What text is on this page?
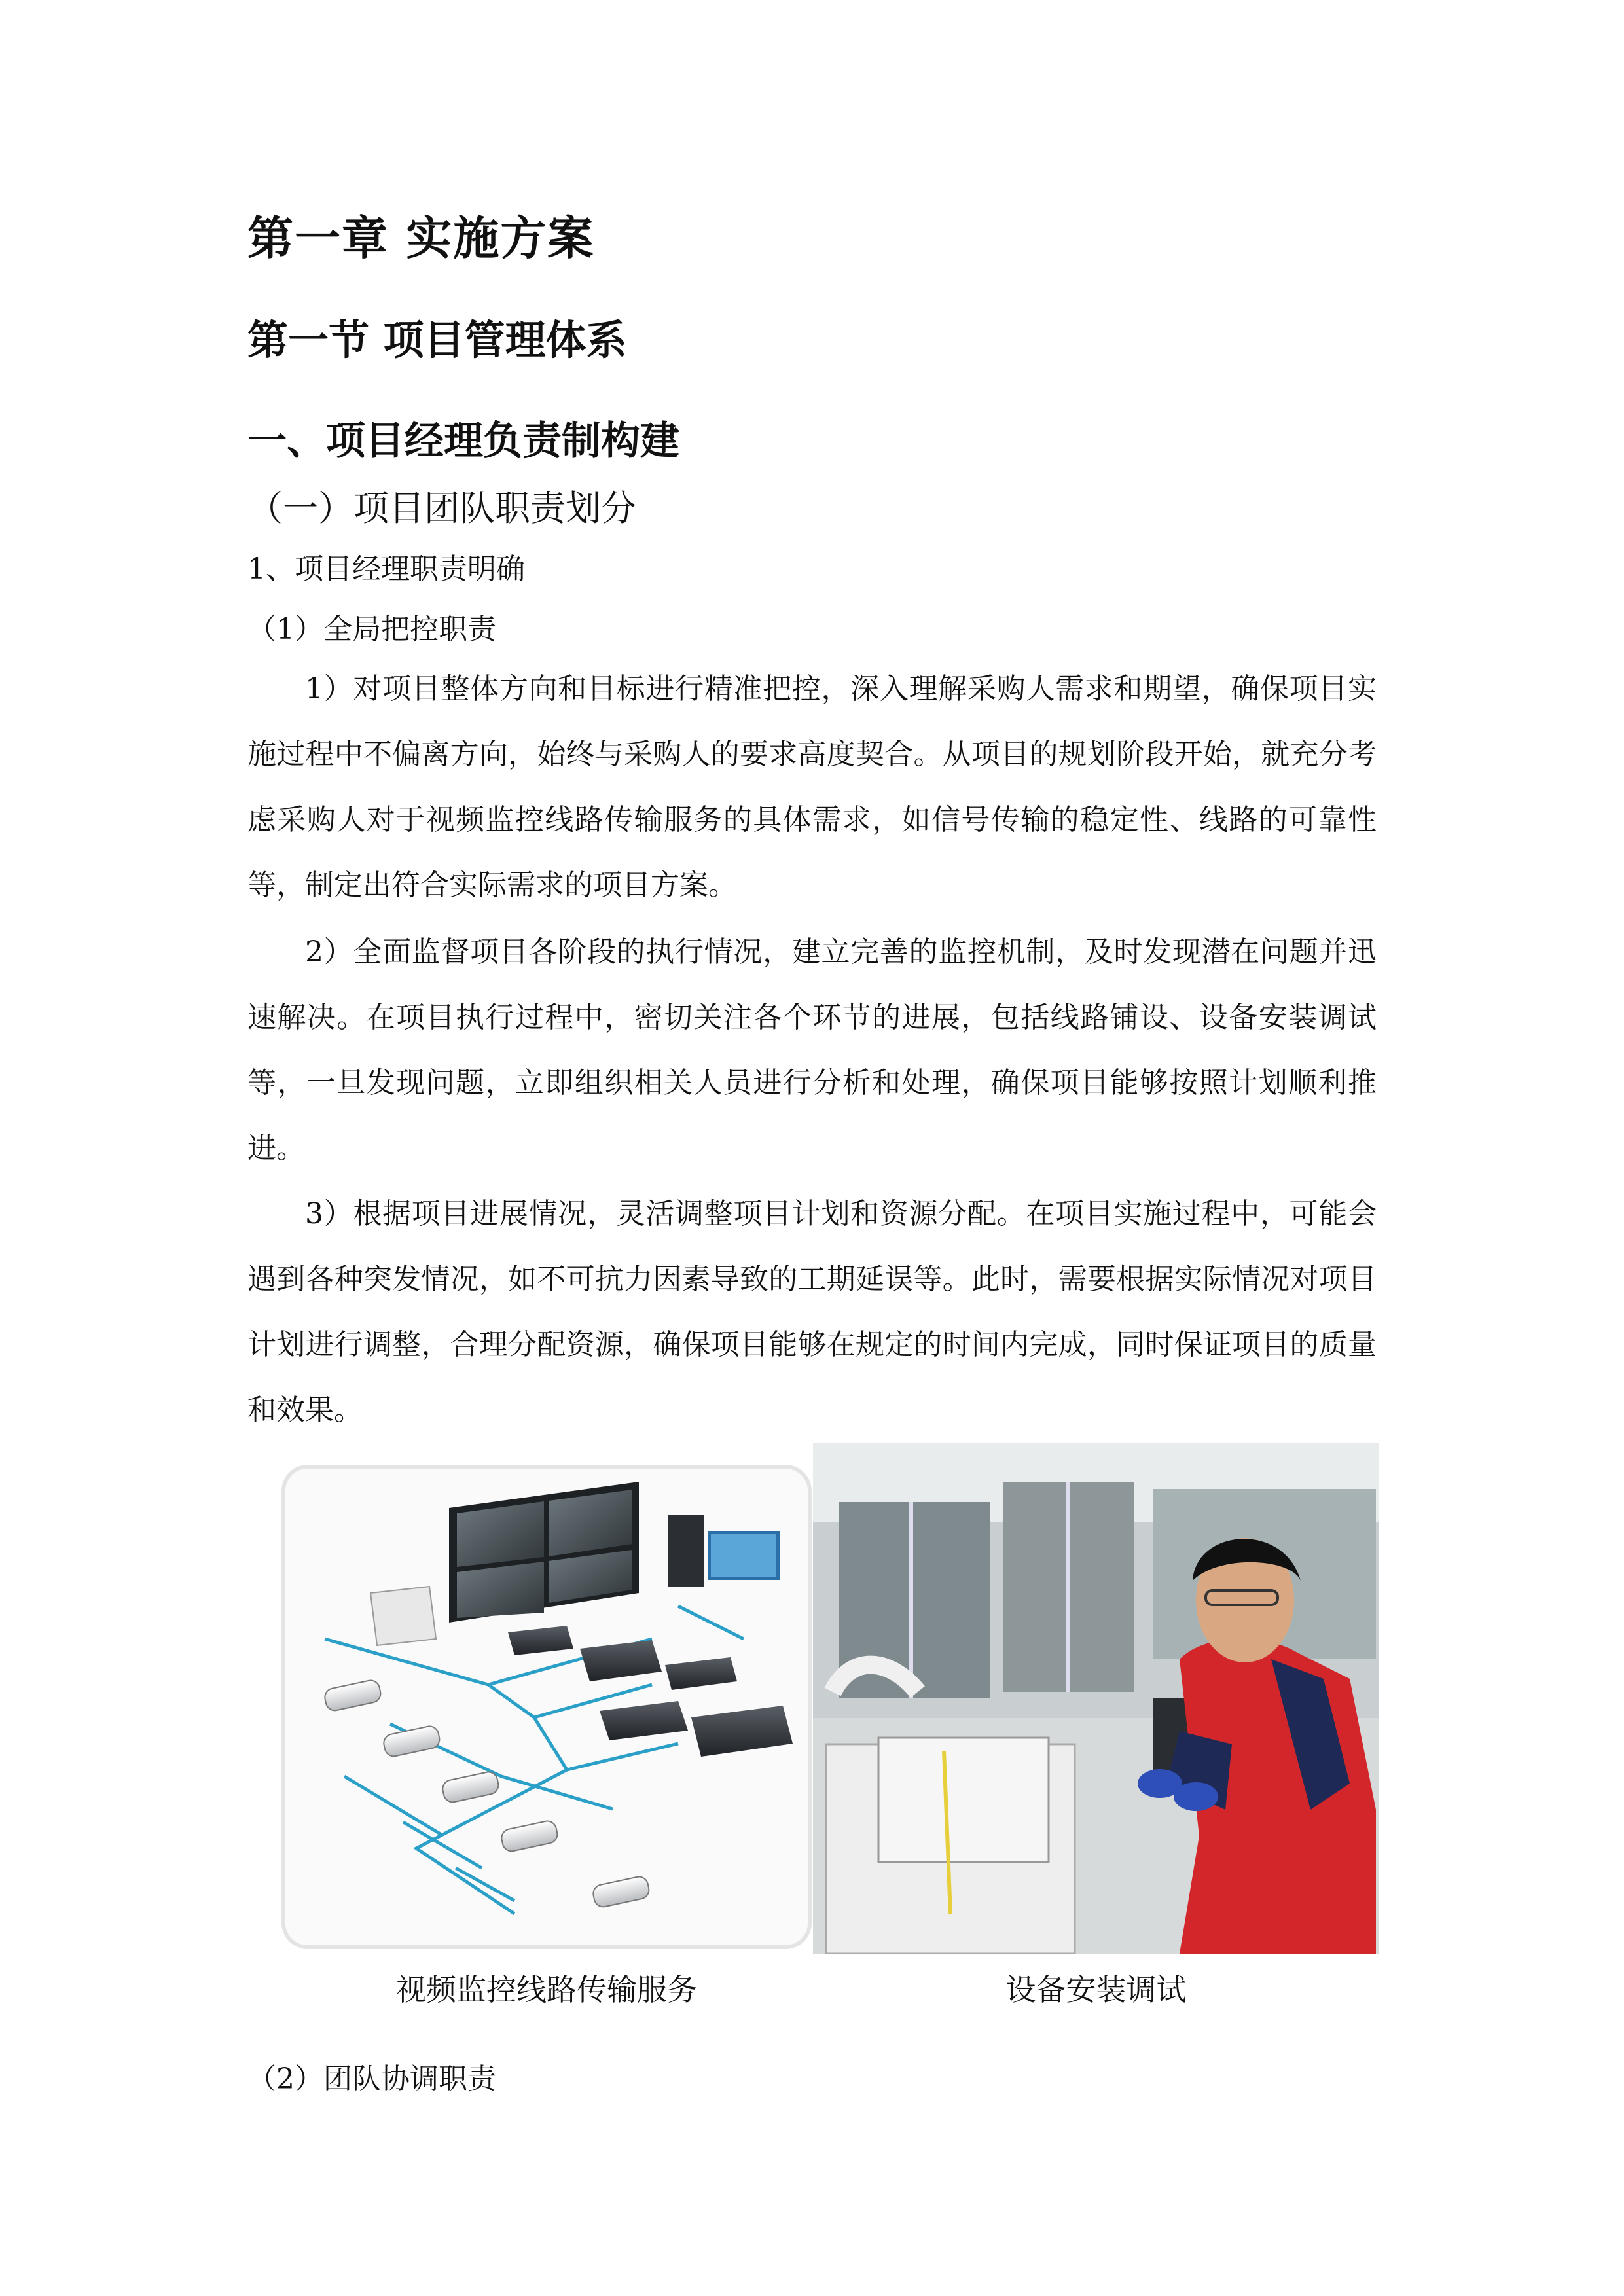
第一章 实施方案
第一节 项目管理体系
一、项目经理负责制构建
（一）项目团队职责划分
1、项目经理职责明确
（1）全局把控职责
1）对项目整体方向和目标进行精准把控，深入理解采购人需求和期望，确保项目实施过程中不偏离方向，始终与采购人的要求高度契合。从项目的规划阶段开始，就充分考虑采购人对于视频监控线路传输服务的具体需求，如信号传输的稳定性、线路的可靠性等，制定出符合实际需求的项目方案。
2）全面监督项目各阶段的执行情况，建立完善的监控机制，及时发现潜在问题并迅速解决。在项目执行过程中，密切关注各个环节的进展，包括线路铺设、设备安装调试等，一旦发现问题，立即组织相关人员进行分析和处理，确保项目能够按照计划顺利推进。
3）根据项目进展情况，灵活调整项目计划和资源分配。在项目实施过程中，可能会遇到各种突发情况，如不可抗力因素导致的工期延误等。此时，需要根据实际情况对项目计划进行调整，合理分配资源，确保项目能够在规定的时间内完成，同时保证项目的质量和效果。
视频监控线路传输服务	设备安装调试
（2）团队协调职责
